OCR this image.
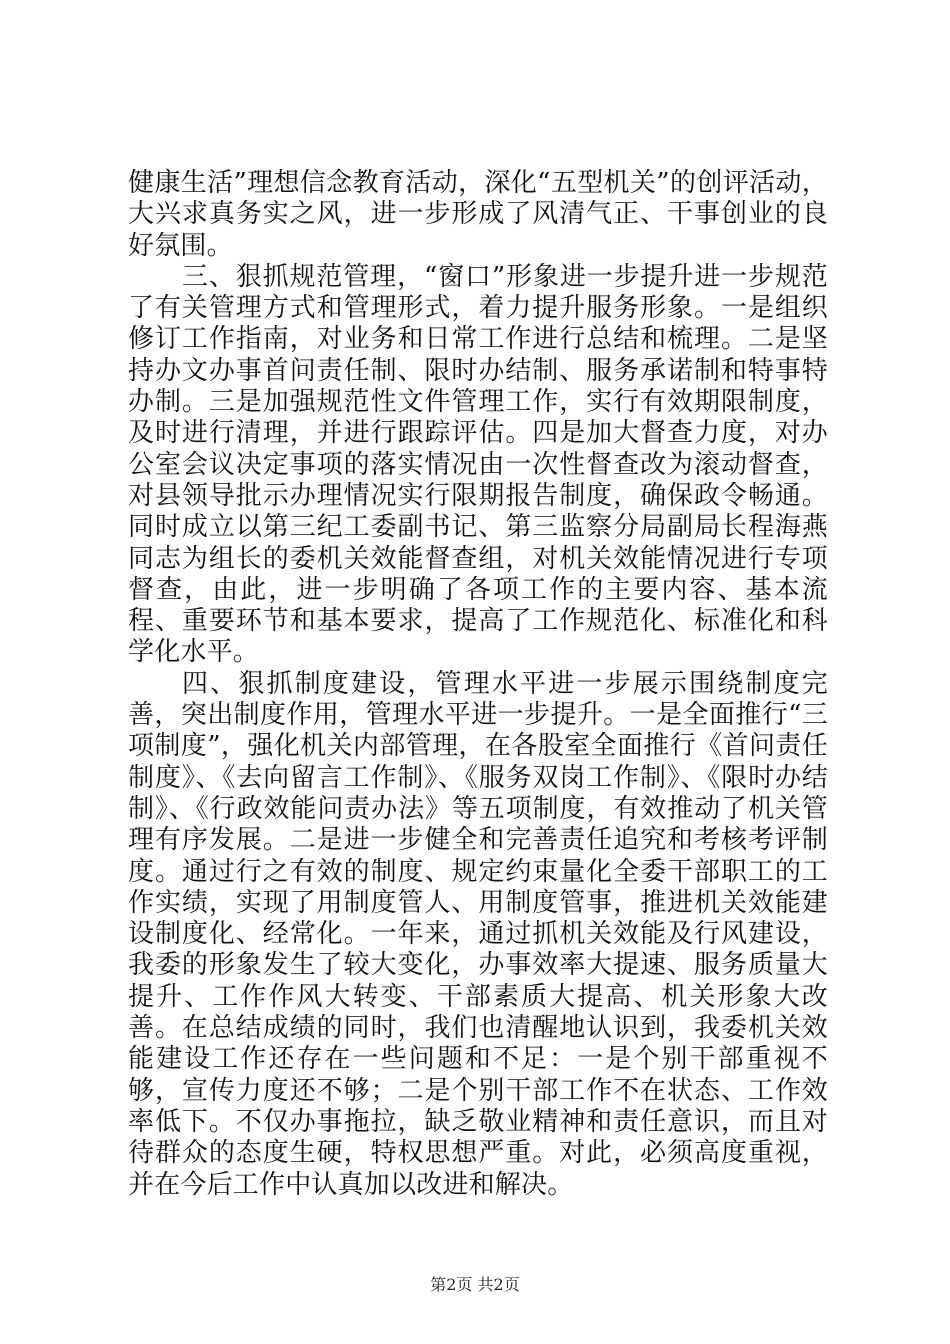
健康生活”理想信念教育活动，深化“五型机关”的创评活动，大兴求真务实之风，进一步形成了风清气正、干事创业的良好氛围。

三、狠抓规范管理，“窗口”形象进一步提升进一步规范了有关管理方式和管理形式，着力提升服务形象。一是组织修订工作指南，对业务和日常工作进行总结和梳理。二是坚持办文办事首问责任制、限时办结制、服务承诺制和特事特办制。三是加强规范性文件管理工作，实行有效期限制度，及时进行清理，并进行跟踪评估。四是加大督查力度，对办公室会议决定事项的落实情况由一次性督查改为滚动督查，对县领导批示办理情况实行限期报告制度，确保政令畅通。同时成立以第三纪工委副书记、第三监察分局副局长程海燕同志为组长的委机关效能督查组，对机关效能情况进行专项督查，由此，进一步明确了各项工作的主要内容、基本流程、重要环节和基本要求，提高了工作规范化、标准化和科学化水平。

四、狠抓制度建设，管理水平进一步展示围绕制度完善，突出制度作用，管理水平进一步提升。一是全面推行“三项制度”，强化机关内部管理，在各股室全面推行《首问责任制度》、《去向留言工作制》、《服务双岗工作制》、《限时办结制》、《行政效能问责办法》等五项制度，有效推动了机关管理有序发展。二是进一步健全和完善责任追究和考核考评制度。通过行之有效的制度、规定约束量化全委干部职工的工作实绩，实现了用制度管人、用制度管事，推进机关效能建设制度化、经常化。一年来，通过抓机关效能及行风建设，我委的形象发生了较大变化，办事效率大提速、服务质量大提升、工作作风大转变、干部素质大提高、机关形象大改善。在总结成绩的同时，我们也清醒地认识到，我委机关效能建设工作还存在一些问题和不足：一是个别干部重视不够，宣传力度还不够；二是个别干部工作不在状态、工作效率低下。不仅办事拖拉，缺乏敬业精神和责任意识，而且对待群众的态度生硬，特权思想严重。对此，必须高度重视，并在今后工作中认真加以改进和解决。

第2页 共2页
